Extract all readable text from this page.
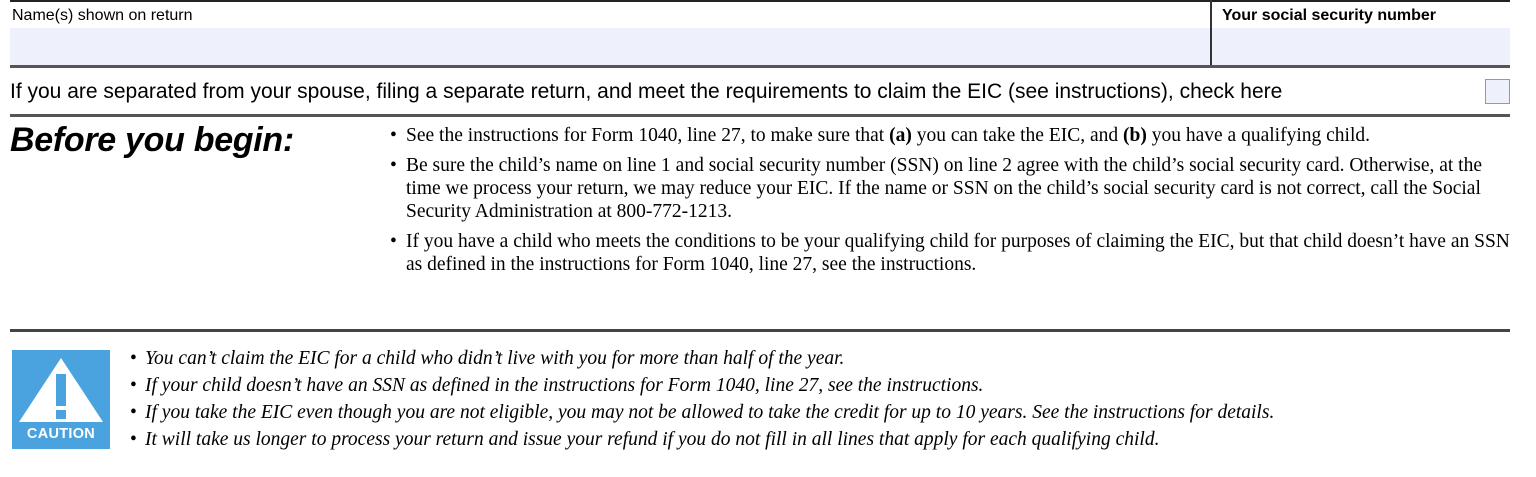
Name(s) shown on return	Your social security number
If you are separated from your spouse, filing a separate return, and meet the requirements to claim the EIC (see instructions), check here
Before you begin:	• See the instructions for Form 1040, line 27, to make sure that (a) you can take the EIC, and (b) you have a qualifying child.
• Be sure the child’s name on line 1 and social security number (SSN) on line 2 agree with the child’s social security card. Otherwise, at the time we process your return, we may reduce your EIC. If the name or SSN on the child’s social security card is not correct, call the Social Security Administration at 800-772-1213.
• If you have a child who meets the conditions to be your qualifying child for purposes of claiming the EIC, but that child doesn’t have an SSN as defined in the instructions for Form 1040, line 27, see the instructions.
CAUTION
• You can’t claim the EIC for a child who didn’t live with you for more than half of the year.
• If your child doesn’t have an SSN as defined in the instructions for Form 1040, line 27, see the instructions.
• If you take the EIC even though you are not eligible, you may not be allowed to take the credit for up to 10 years. See the instructions for details.
• It will take us longer to process your return and issue your refund if you do not fill in all lines that apply for each qualifying child.
